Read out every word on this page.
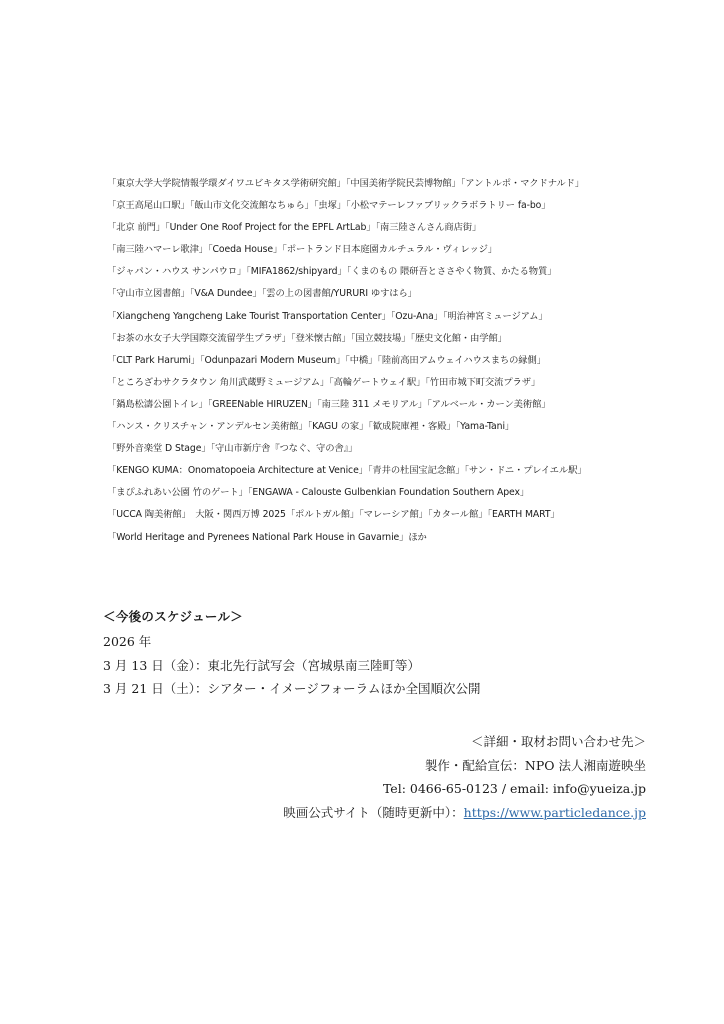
「東京大学大学院情報学環ダイワユビキタス学術研究館」「中国美術学院民芸博物館」「アントルポ・マクドナルド」
「京王高尾山口駅」「飯山市文化交流館なちゅら」「虫塚」「小松マテーレファブリックラボラトリー fa-bo」
「北京 前門」「Under One Roof Project for the EPFL ArtLab」「南三陸さんさん商店街」
「南三陸ハマーレ歌津」「Coeda House」「ポートランド日本庭園カルチュラル・ヴィレッジ」
「ジャパン・ハウス サンパウロ」「MIFA1862/shipyard」「くまのもの 隈研吾とささやく物質、かたる物質」
「守山市立図書館」「V&A Dundee」「雲の上の図書館/YURURI ゆすはら」
「Xiangcheng Yangcheng Lake Tourist Transportation Center」「Ozu-Ana」「明治神宮ミュージアム」
「お茶の水女子大学国際交流留学生プラザ」「登米懐古館」「国立競技場」「歴史文化館・由学館」
「CLT Park Harumi」「Odunpazari Modern Museum」「中橋」「陸前高田アムウェイハウスまちの縁側」
「ところざわサクラタウン 角川武蔵野ミュージアム」「高輪ゲートウェイ駅」「竹田市城下町交流プラザ」
「鍋島松濤公園トイレ」「GREENable HIRUZEN」「南三陸 311 メモリアル」「アルベール・カーン美術館」
「ハンス・クリスチャン・アンデルセン美術館」「KAGU の家」「歓成院庫裡・客殿」「Yama-Tani」
「野外音楽堂 D Stage」「守山市新庁舎『つなぐ、守の舎』」
「KENGO KUMA：Onomatopoeia Architecture at Venice」「青井の杜国宝記念館」「サン・ドニ・プレイエル駅」
「まぴふれあい公園 竹のゲート」「ENGAWA - Calouste Gulbenkian Foundation Southern Apex」
「UCCA 陶美術館」　大阪・関西万博 2025「ポルトガル館」「マレーシア館」「カタール館」「EARTH MART」
「World Heritage and Pyrenees National Park House in Gavarnie」ほか
＜今後のスケジュール＞
2026 年
3 月 13 日（金）：東北先行試写会（宮城県南三陸町等）
3 月 21 日（土）：シアター・イメージフォーラムほか全国順次公開
＜詳細・取材お問い合わせ先＞
製作・配給宣伝：NPO 法人湘南遊映坐
Tel: 0466-65-0123 / email: info@yueiza.jp
映画公式サイト（随時更新中）：https://www.particledance.jp
